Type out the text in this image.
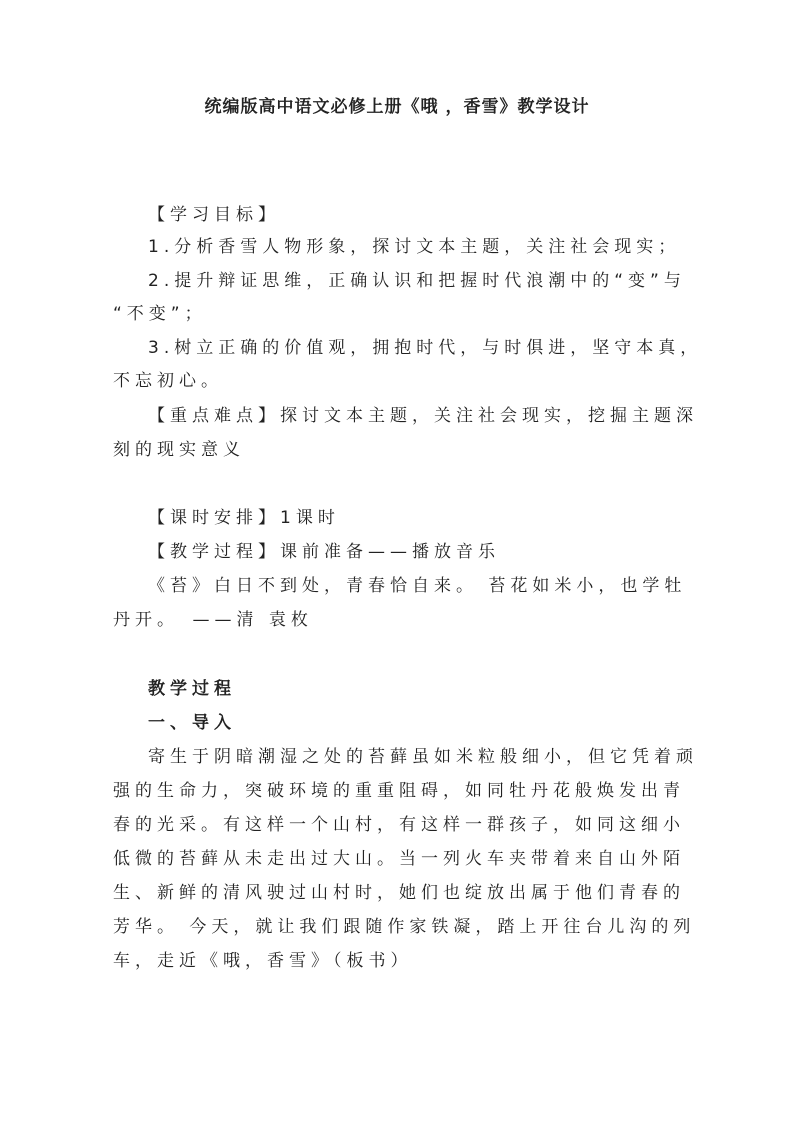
统编版高中语文必修上册《哦 ，香雪》教学设计

【学习目标】

1.分析香雪人物形象，探讨文本主题，关注社会现实；

2.提升辩证思维，正确认识和把握时代浪潮中的“变”与

“不变”；

3.树立正确的价值观，拥抱时代，与时俱进，坚守本真，

不忘初心。

【重点难点】探讨文本主题，关注社会现实，挖掘主题深

刻的现实意义

【课时安排】1课时

【教学过程】课前准备——播放音乐

《苔》白日不到处，青春恰自来。 苔花如米小，也学牡

丹开。　——清 袁枚

教学过程

一、导入

寄生于阴暗潮湿之处的苔藓虽如米粒般细小，但它凭着顽

强的生命力，突破环境的重重阻碍，如同牡丹花般焕发出青

春的光采。有这样一个山村，有这样一群孩子，如同这细小

低微的苔藓从未走出过大山。当一列火车夹带着来自山外陌

生、新鲜的清风驶过山村时，她们也绽放出属于他们青春的

芳华。 今天，就让我们跟随作家铁凝，踏上开往台儿沟的列

车，走近《哦，香雪》（板书）
